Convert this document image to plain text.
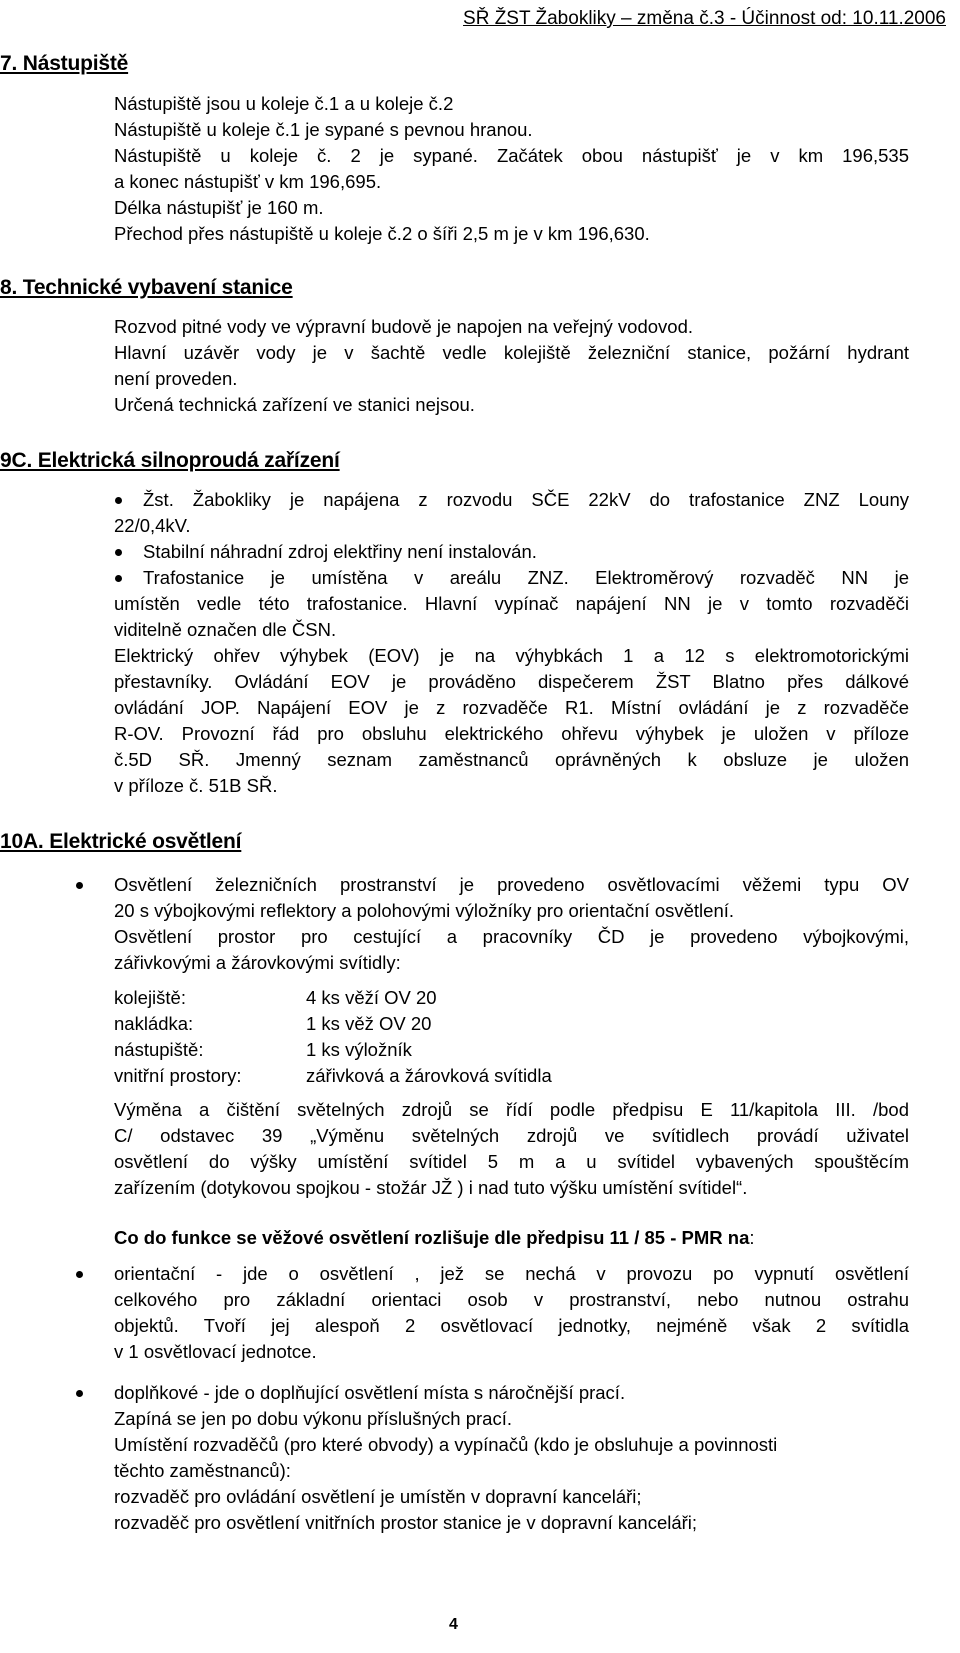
SŘ ŽST Žabokliky – změna č.3 - Účinnost od: 10.11.2006
7. Nástupiště
Nástupiště jsou u koleje č.1 a u koleje č.2
Nástupiště u koleje č.1 je sypané s pevnou hranou.
Nástupiště u koleje č. 2 je sypané. Začátek obou nástupišť je v km 196,535
a konec nástupišť v km 196,695.
Délka nástupišť je 160 m.
Přechod přes nástupiště u koleje č.2 o šíři 2,5 m je v km 196,630.
8. Technické vybavení stanice
Rozvod pitné vody ve výpravní budově je napojen na veřejný vodovod.
Hlavní uzávěr vody je v šachtě vedle kolejiště železniční stanice, požární hydrant
není proveden.
Určená technická zařízení ve stanici nejsou.
9C. Elektrická silnoproudá zařízení
Žst. Žabokliky je napájena z rozvodu SČE 22kV do trafostanice ZNZ Louny
22/0,4kV.
Stabilní náhradní zdroj elektřiny není instalován.
Trafostanice je umístěna v areálu ZNZ. Elektroměrový rozvaděč NN je
umístěn vedle této trafostanice. Hlavní vypínač napájení NN je v tomto rozvaděči
viditelně označen dle ČSN.
Elektrický ohřev výhybek (EOV) je na výhybkách 1 a 12 s elektromotorickými
přestavníky. Ovládání EOV je prováděno dispečerem ŽST Blatno přes dálkové
ovládání JOP. Napájení EOV je z rozvaděče R1. Místní ovládání je z rozvaděče
R-OV. Provozní řád pro obsluhu elektrického ohřevu výhybek je uložen v příloze
č.5D SŘ. Jmenný seznam zaměstnanců oprávněných k obsluze je uložen
v příloze č. 51B SŘ.
10A. Elektrické osvětlení
Osvětlení železničních prostranství je provedeno osvětlovacími věžemi typu OV
20 s výbojkovými reflektory a polohovými výložníky pro orientační osvětlení.
Osvětlení prostor pro cestující a pracovníky ČD je provedeno výbojkovými,
zářivkovými a žárovkovými svítidly:
kolejiště:	4 ks věží OV 20
nakládka:	1 ks věž OV 20
nástupiště:	1 ks výložník
vnitřní prostory:	zářivková a žárovková svítidla
Výměna a čištění světelných zdrojů se řídí podle předpisu E 11/kapitola III. /bod
C/ odstavec 39 „Výměnu světelných zdrojů ve svítidlech provádí uživatel
osvětlení do výšky umístění svítidel 5 m a u svítidel vybavených spouštěcím
zařízením (dotykovou spojkou - stožár JŽ ) i nad tuto výšku umístění svítidel“.
Co do funkce se věžové osvětlení rozlišuje dle předpisu 11 / 85 - PMR na:
orientační - jde o osvětlení , jež se nechá v provozu po vypnutí osvětlení
celkového pro základní orientaci osob v prostranství, nebo nutnou ostrahu
objektů. Tvoří jej alespoň 2 osvětlovací jednotky, nejméně však 2 svítidla
v 1 osvětlovací jednotce.
doplňkové - jde o doplňující osvětlení místa s náročnější prací.
Zapíná se jen po dobu výkonu příslušných prací.
Umístění rozvaděčů (pro které obvody) a vypínačů (kdo je obsluhuje a povinnosti
těchto zaměstnanců):
rozvaděč pro ovládání osvětlení je umístěn v dopravní kanceláři;
rozvaděč pro osvětlení vnitřních prostor stanice je v dopravní kanceláři;
4
